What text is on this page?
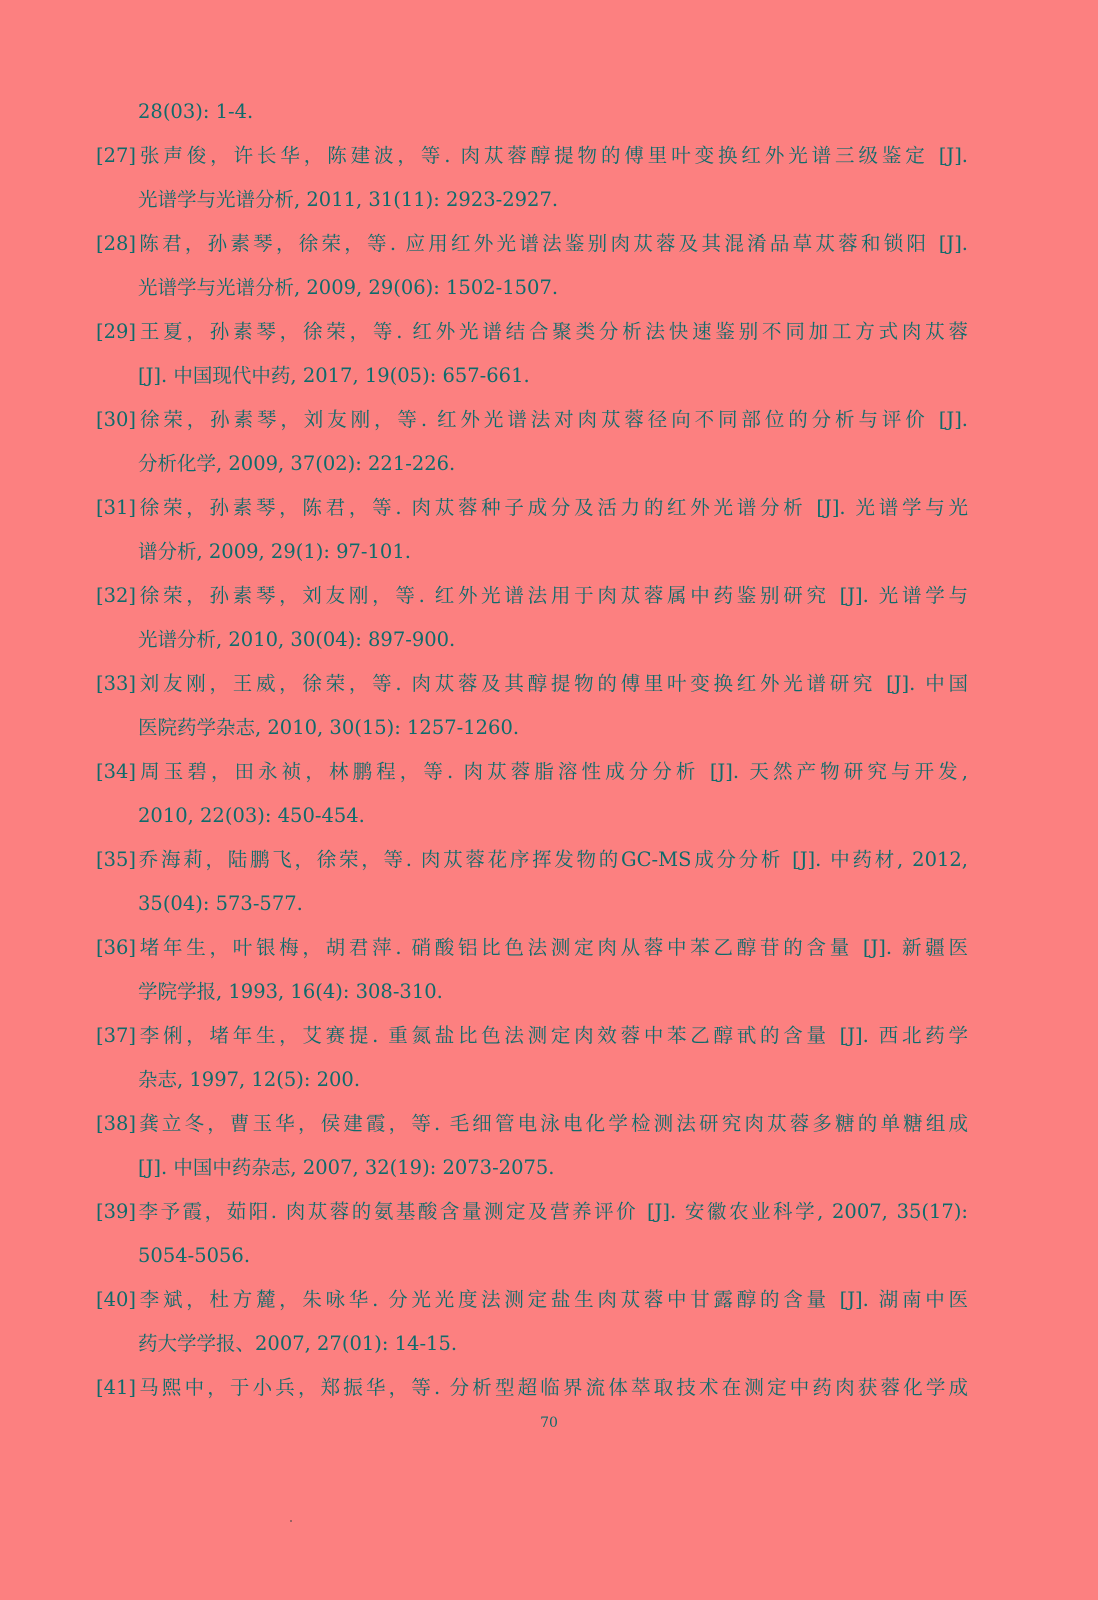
28(03): 1-4.
[27]张声俊，许长华，陈建波，等. 肉苁蓉醇提物的傅里叶变换红外光谱三级鉴定 [J].
光谱学与光谱分析, 2011, 31(11): 2923-2927.
[28]陈君，孙素琴，徐荣，等. 应用红外光谱法鉴别肉苁蓉及其混淆品草苁蓉和锁阳 [J].
光谱学与光谱分析, 2009, 29(06): 1502-1507.
[29]王夏，孙素琴，徐荣，等. 红外光谱结合聚类分析法快速鉴别不同加工方式肉苁蓉
[J]. 中国现代中药, 2017, 19(05): 657-661.
[30]徐荣，孙素琴，刘友刚，等. 红外光谱法对肉苁蓉径向不同部位的分析与评价 [J].
分析化学, 2009, 37(02): 221-226.
[31]徐荣，孙素琴，陈君，等. 肉苁蓉种子成分及活力的红外光谱分析 [J]. 光谱学与光
谱分析, 2009, 29(1): 97-101.
[32]徐荣，孙素琴，刘友刚，等. 红外光谱法用于肉苁蓉属中药鉴别研究 [J]. 光谱学与
光谱分析, 2010, 30(04): 897-900.
[33]刘友刚，王威，徐荣，等. 肉苁蓉及其醇提物的傅里叶变换红外光谱研究 [J]. 中国
医院药学杂志, 2010, 30(15): 1257-1260.
[34]周玉碧，田永祯，林鹏程，等. 肉苁蓉脂溶性成分分析 [J]. 天然产物研究与开发,
2010, 22(03): 450-454.
[35]乔海莉，陆鹏飞，徐荣，等. 肉苁蓉花序挥发物的GC-MS成分分析 [J]. 中药材, 2012,
35(04): 573-577.
[36]堵年生，叶银梅，胡君萍. 硝酸铝比色法测定肉从蓉中苯乙醇苷的含量 [J]. 新疆医
学院学报, 1993, 16(4): 308-310.
[37]李俐，堵年生，艾赛提. 重氮盐比色法测定肉效蓉中苯乙醇甙的含量 [J]. 西北药学
杂志, 1997, 12(5): 200.
[38]龚立冬，曹玉华，侯建霞，等. 毛细管电泳电化学检测法研究肉苁蓉多糖的单糖组成
[J]. 中国中药杂志, 2007, 32(19): 2073-2075.
[39]李予霞，茹阳. 肉苁蓉的氨基酸含量测定及营养评价 [J]. 安徽农业科学, 2007, 35(17):
5054-5056.
[40]李斌，杜方麓，朱咏华. 分光光度法测定盐生肉苁蓉中甘露醇的含量 [J]. 湖南中医
药大学学报、2007, 27(01): 14-15.
[41]马熙中，于小兵，郑振华，等. 分析型超临界流体萃取技术在测定中药肉获蓉化学成
70
